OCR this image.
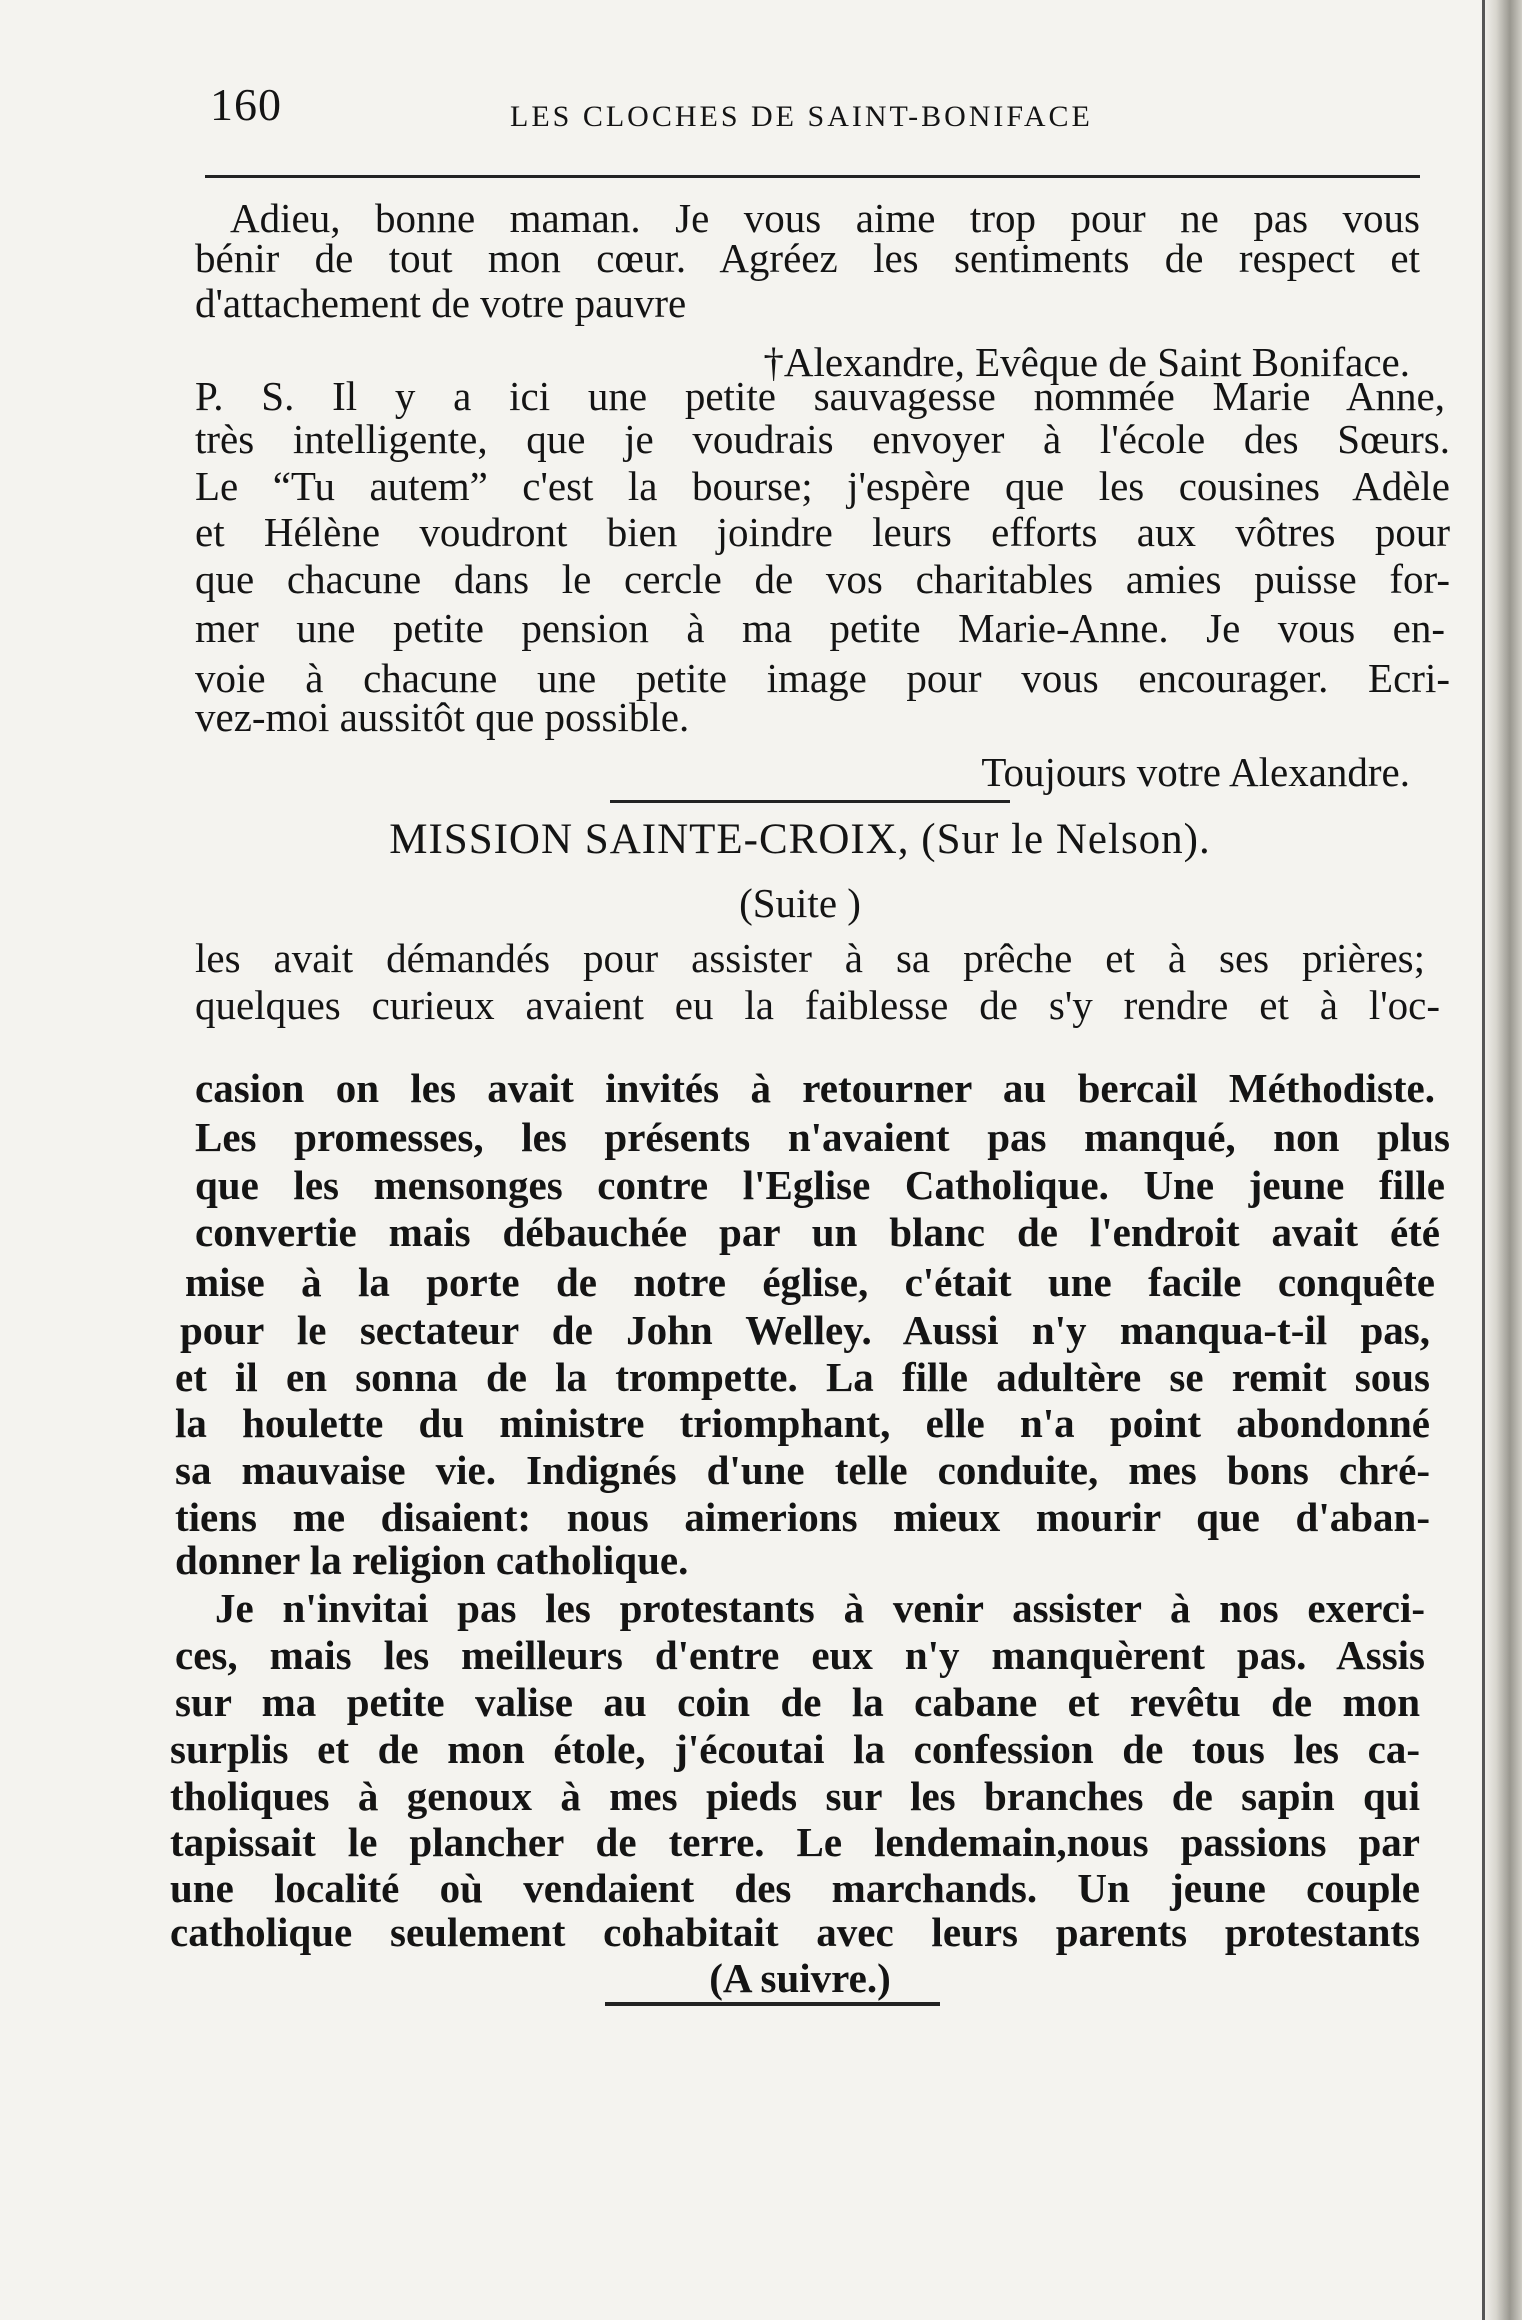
160	LES CLOCHES DE SAINT-BONIFACE

Adieu, bonne maman. Je vous aime trop pour ne pas vous

bénir de tout mon cœur. Agréez les sentiments de respect et

d'attachement de votre pauvre

†Alexandre, Evêque de Saint Boniface.

P. S. Il y a ici une petite sauvagesse nommée Marie Anne,

très intelligente, que je voudrais envoyer à l'école des Sœurs.

Le “Tu autem” c'est la bourse; j'espère que les cousines Adèle

et Hélène voudront bien joindre leurs efforts aux vôtres pour

que chacune dans le cercle de vos charitables amies puisse for-

mer une petite pension à ma petite Marie-Anne. Je vous en-

voie à chacune une petite image pour vous encourager. Ecri-

vez-moi aussitôt que possible.

Toujours votre Alexandre.

MISSION SAINTE-CROIX, (Sur le Nelson).

(Suite )

les avait démandés pour assister à sa prêche et à ses prières;

quelques curieux avaient eu la faiblesse de s'y rendre et à l'oc-

casion on les avait invités à retourner au bercail Méthodiste.

Les promesses, les présents n'avaient pas manqué, non plus

que les mensonges contre l'Eglise Catholique. Une jeune fille

convertie mais débauchée par un blanc de l'endroit avait été

mise à la porte de notre église, c'était une facile conquête

pour le sectateur de John Welley. Aussi n'y manqua-t-il pas,

et il en sonna de la trompette. La fille adultère se remit sous

la houlette du ministre triomphant, elle n'a point abondonné

sa mauvaise vie. Indignés d'une telle conduite, mes bons chré-

tiens me disaient: nous aimerions mieux mourir que d'aban-

donner la religion catholique.

Je n'invitai pas les protestants à venir assister à nos exerci-

ces, mais les meilleurs d'entre eux n'y manquèrent pas. Assis

sur ma petite valise au coin de la cabane et revêtu de mon

surplis et de mon étole, j'écoutai la confession de tous les ca-

tholiques à genoux à mes pieds sur les branches de sapin qui

tapissait le plancher de terre. Le lendemain,nous passions par

une localité où vendaient des marchands. Un jeune couple

catholique seulement cohabitait avec leurs parents protestants

(A suivre.)
